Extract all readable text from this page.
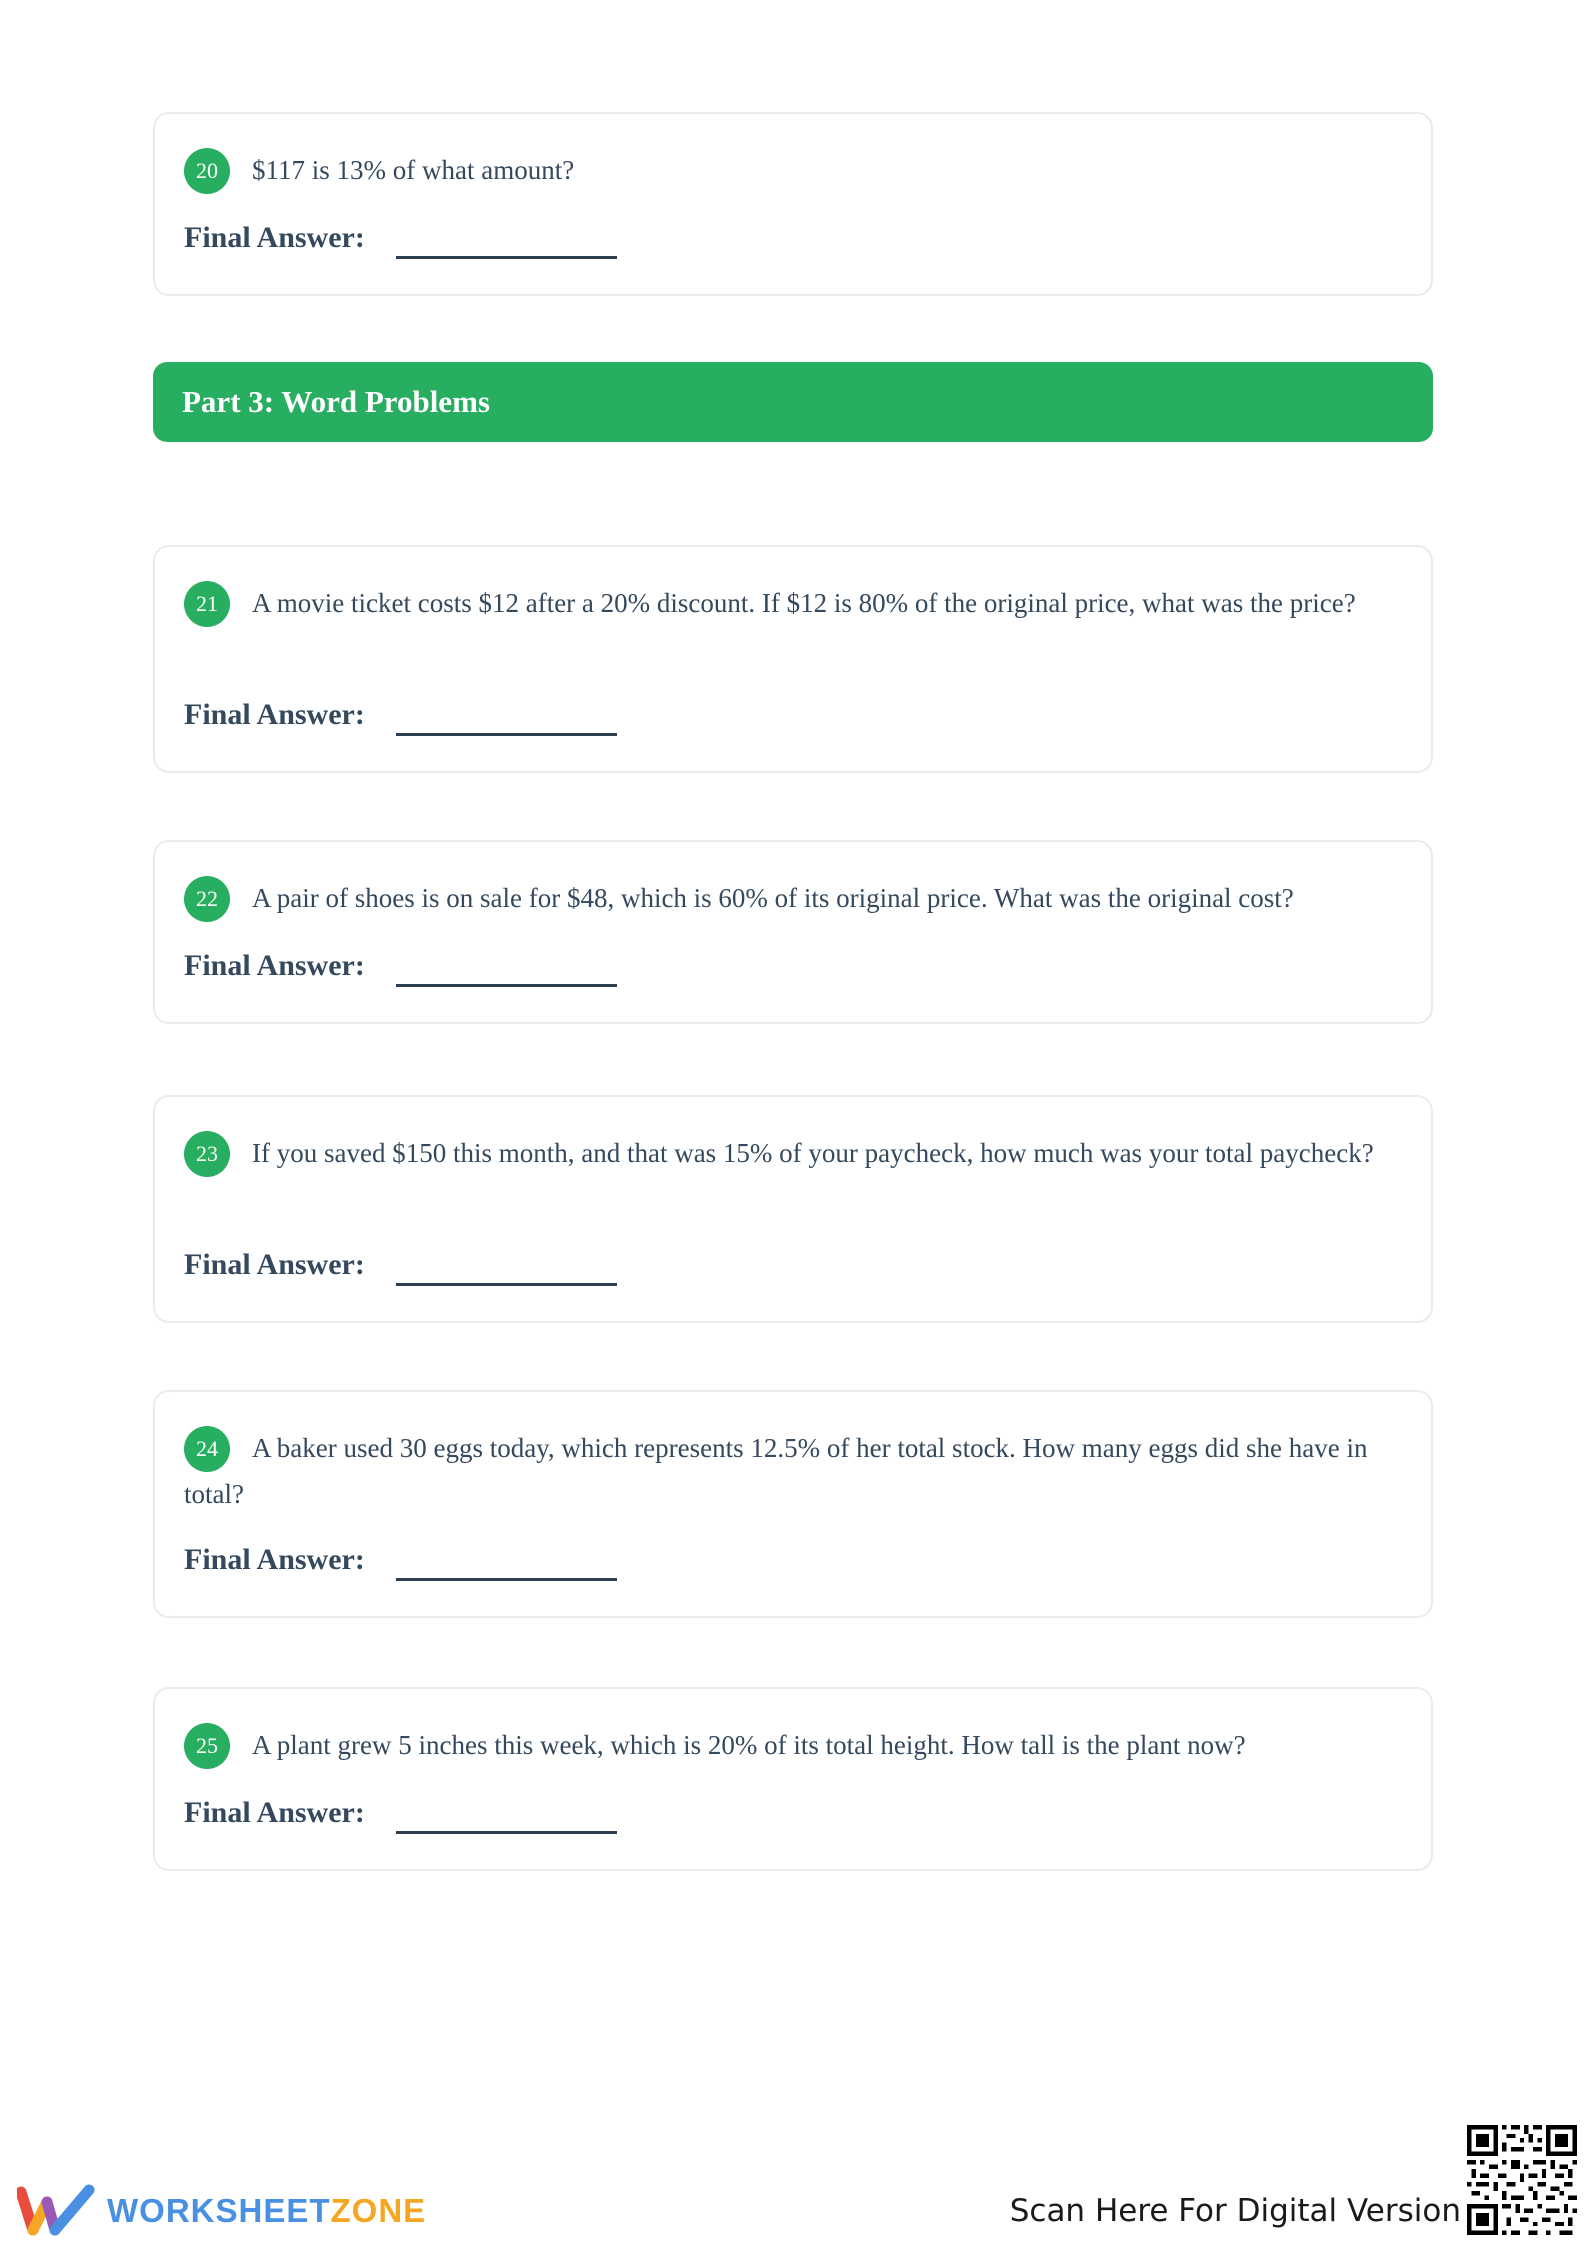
20 $117 is 13% of what amount?
Final Answer:
Part 3: Word Problems
21 A movie ticket costs $12 after a 20% discount. If $12 is 80% of the original price, what was the price?
Final Answer:
22 A pair of shoes is on sale for $48, which is 60% of its original price. What was the original cost?
Final Answer:
23 If you saved $150 this month, and that was 15% of your paycheck, how much was your total paycheck?
Final Answer:
24 A baker used 30 eggs today, which represents 12.5% of her total stock. How many eggs did she have in total?
Final Answer:
25 A plant grew 5 inches this week, which is 20% of its total height. How tall is the plant now?
Final Answer:
WORKSHEETZONE	Scan Here For Digital Version
